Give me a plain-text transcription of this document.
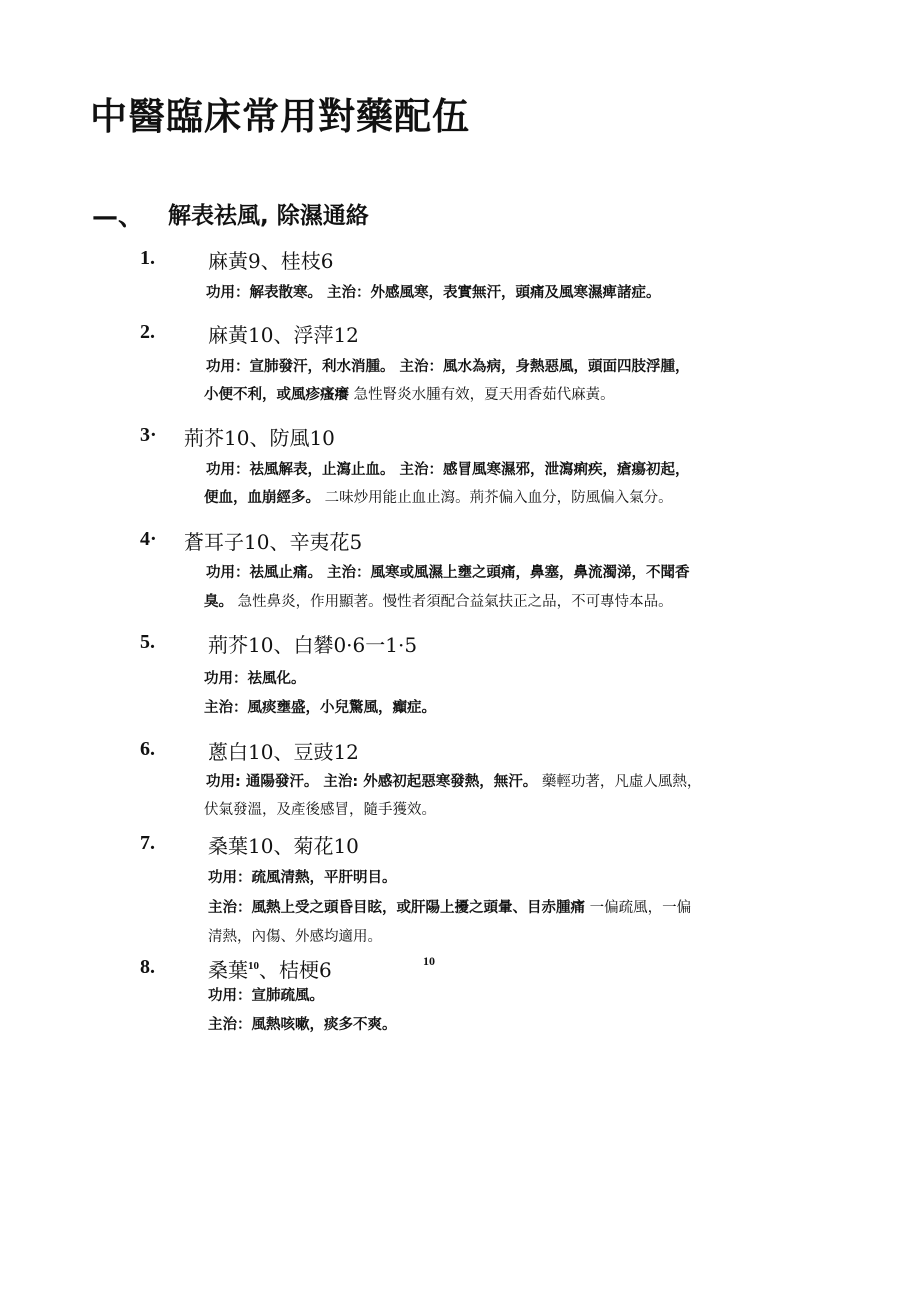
中醫臨床常用對藥配伍
—、 解表祛風, 除濕通絡
1.	麻黃9、桂枝6
功用：解表散寒。 主治：外感風寒，表實無汗，頭痛及風寒濕痺諸症。
2.	麻黃10、浮萍12
功用：宣肺發汗，利水消腫。 主治：風水為病，身熱惡風，頭面四肢浮腫，
小便不利，或風疹瘙癢 急性腎炎水腫有效，夏天用香茹代麻黃。
3· 荊芥10、防風10
功用：祛風解表，止瀉止血。 主治：感冒風寒濕邪，泄瀉痢疾，瘡瘍初起，
便血，血崩經多。 二味炒用能止血止瀉。荊芥偏入血分，防風偏入氣分。
4· 蒼耳子10、辛夷花5
功用：祛風止痛。 主治：風寒或風濕上壅之頭痛，鼻塞，鼻流濁涕，不聞香
臭。 急性鼻炎，作用顯著。慢性者須配合益氣扶正之品，不可專恃本品。
5.	荊芥10、白礬0·6一1·5
功用：祛風化。
主治：風痰壅盛，小兒驚風，癲症。
6.	蔥白10、豆豉12
功用: 通陽發汗。 主治: 外感初起惡寒發熱，無汗。 藥輕功著，凡虛人風熱，
伏氣發溫，及產後感冒，隨手獲效。
7.	桑葉10、菊花10
功用：疏風清熱，平肝明目。
主治：風熱上受之頭昏目眩，或肝陽上擾之頭暈、目赤腫痛 一偏疏風，一偏
清熱，內傷、外感均適用。
8.	桑葉$^{10}$、桔梗6	10
功用：宣肺疏風。
主治：風熱咳嗽，痰多不爽。
